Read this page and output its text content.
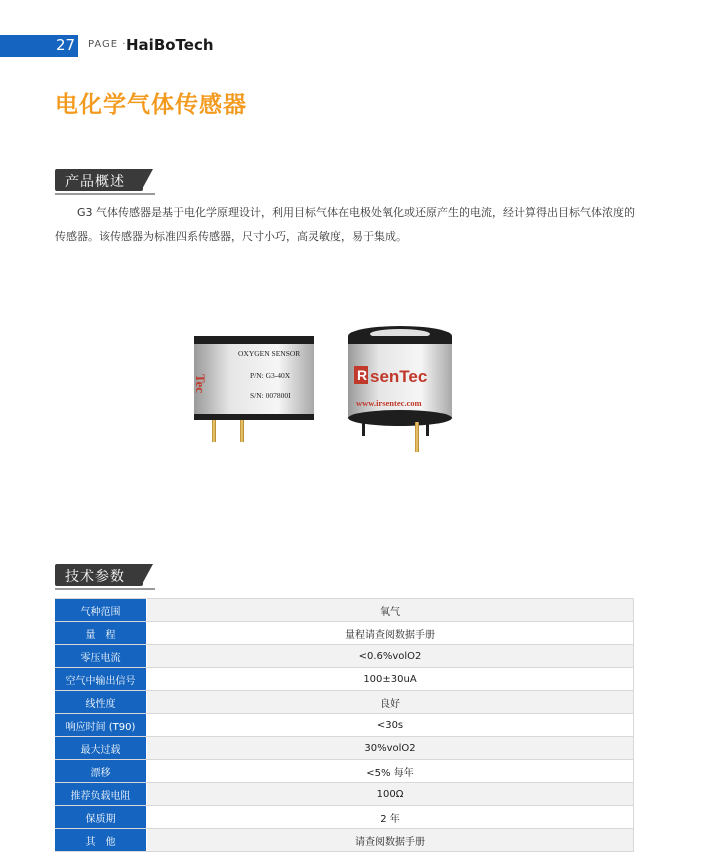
27 PAGE · HaiBoTech
电化学气体传感器
产品概述
G3 气体传感器是基于电化学原理设计，利用目标气体在电极处氧化或还原产生的电流，经计算得出目标气体浓度的传感器。该传感器为标准四系传感器，尺寸小巧，高灵敏度，易于集成。
Tec
OXYGEN SENSOR
P/N: G3-40X
S/N: 007800I
R senTec
www.irsentec.com
技术参数
气种范围	氧气
量　程	量程请查阅数据手册
零压电流	<0.6%volO2
空气中输出信号	100±30uA
线性度	良好
响应时间 (T90)	<30s
最大过载	30%volO2
漂移	<5% 每年
推荐负载电阻	100Ω
保质期	2 年
其　他	请查阅数据手册
